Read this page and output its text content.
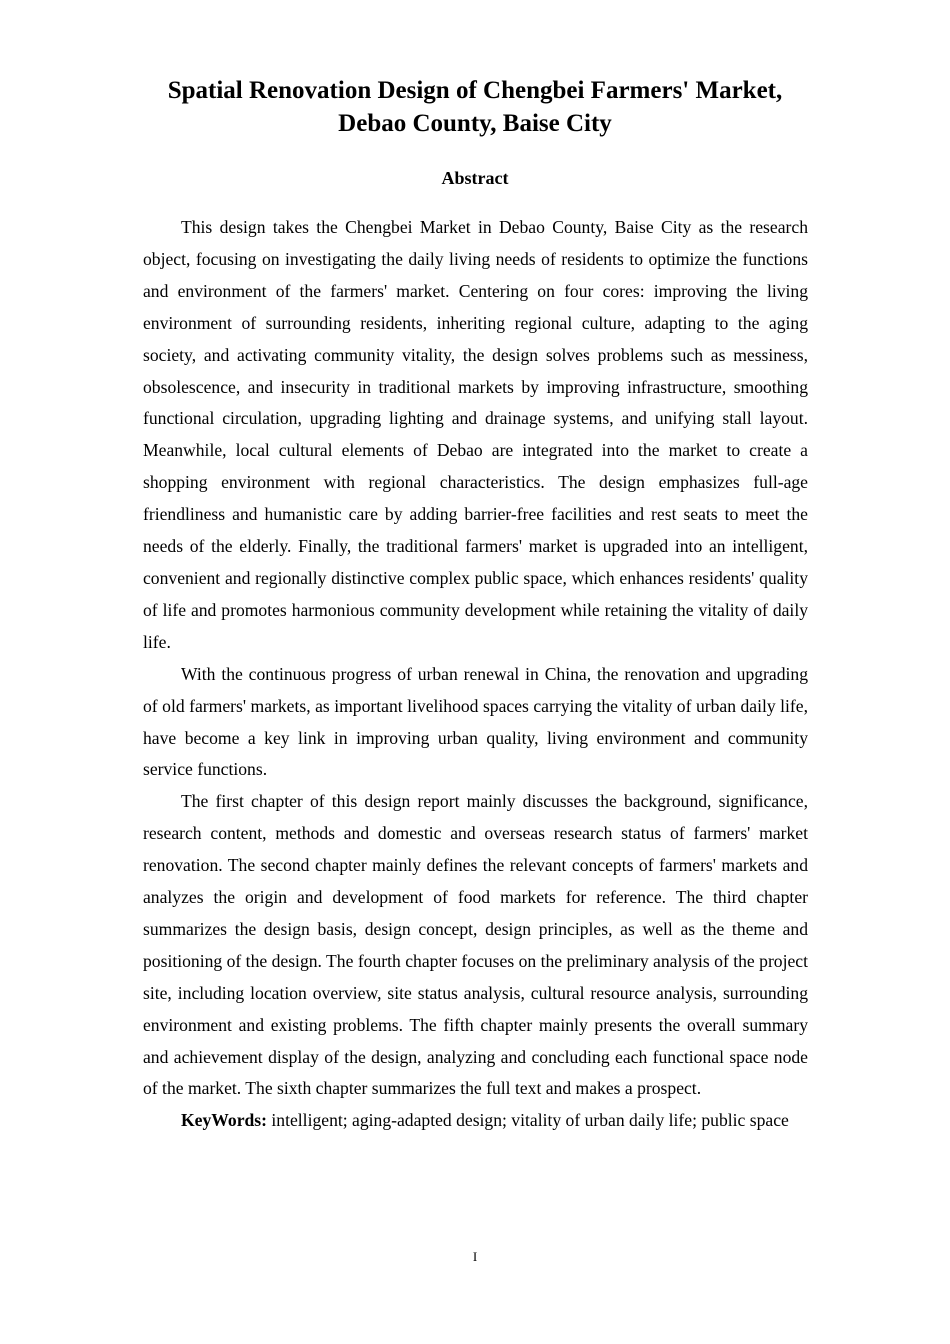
Spatial Renovation Design of Chengbei Farmers' Market,
Debao County, Baise City
Abstract

This design takes the Chengbei Market in Debao County, Baise City as the research object, focusing on investigating the daily living needs of residents to optimize the functions and environment of the farmers' market. Centering on four cores: improving the living environment of surrounding residents, inheriting regional culture, adapting to the aging society, and activating community vitality, the design solves problems such as messiness, obsolescence, and insecurity in traditional markets by improving infrastructure, smoothing functional circulation, upgrading lighting and drainage systems, and unifying stall layout. Meanwhile, local cultural elements of Debao are integrated into the market to create a shopping environment with regional characteristics. The design emphasizes full-age friendliness and humanistic care by adding barrier-free facilities and rest seats to meet the needs of the elderly. Finally, the traditional farmers' market is upgraded into an intelligent, convenient and regionally distinctive complex public space, which enhances residents' quality of life and promotes harmonious community development while retaining the vitality of daily life.

With the continuous progress of urban renewal in China, the renovation and upgrading of old farmers' markets, as important livelihood spaces carrying the vitality of urban daily life, have become a key link in improving urban quality, living environment and community service functions.

The first chapter of this design report mainly discusses the background, significance, research content, methods and domestic and overseas research status of farmers' market renovation. The second chapter mainly defines the relevant concepts of farmers' markets and analyzes the origin and development of food markets for reference. The third chapter summarizes the design basis, design concept, design principles, as well as the theme and positioning of the design. The fourth chapter focuses on the preliminary analysis of the project site, including location overview, site status analysis, cultural resource analysis, surrounding environment and existing problems. The fifth chapter mainly presents the overall summary and achievement display of the design, analyzing and concluding each functional space node of the market. The sixth chapter summarizes the full text and makes a prospect.

KeyWords: intelligent; aging-adapted design; vitality of urban daily life; public space

I
